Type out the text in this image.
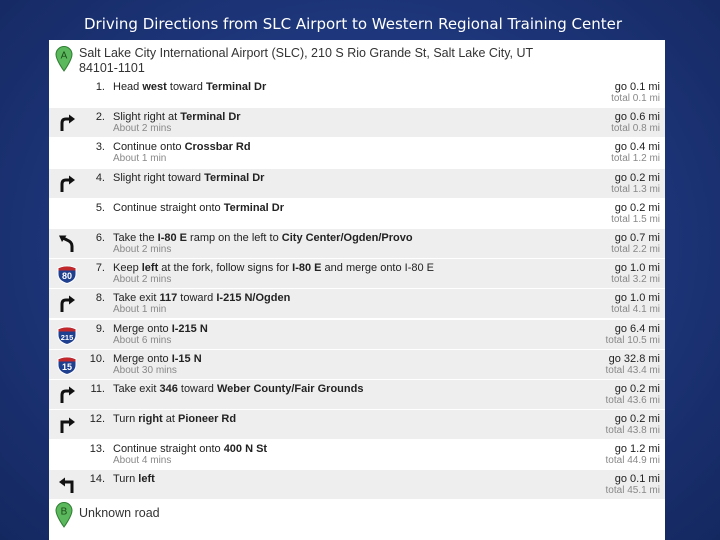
Driving Directions from SLC Airport to Western Regional Training Center
A Salt Lake City International Airport (SLC), 210 S Rio Grande St, Salt Lake City, UT 84101-1101
1. Head west toward Terminal Dr	go 0.1 mi
total 0.1 mi
2. Slight right at Terminal Dr
About 2 mins
go 0.6 mi
total 0.8 mi
3. Continue onto Crossbar Rd
About 1 min
go 0.4 mi
total 1.2 mi
4. Slight right toward Terminal Dr	go 0.2 mi
total 1.3 mi
5. Continue straight onto Terminal Dr	go 0.2 mi
total 1.5 mi
6. Take the I-80 E ramp on the left to City Center/Ogden/Provo
About 2 mins
go 0.7 mi
total 2.2 mi
80
7. Keep left at the fork, follow signs for I-80 E and merge onto I-80 E
About 2 mins
go 1.0 mi
total 3.2 mi
8. Take exit 117 toward I-215 N/Ogden
About 1 min
go 1.0 mi
total 4.1 mi
215
9. Merge onto I-215 N
About 6 mins
go 6.4 mi
total 10.5 mi
15
10. Merge onto I-15 N
About 30 mins
go 32.8 mi
total 43.4 mi
11. Take exit 346 toward Weber County/Fair Grounds	go 0.2 mi
total 43.6 mi
12. Turn right at Pioneer Rd	go 0.2 mi
total 43.8 mi
13. Continue straight onto 400 N St
About 4 mins
go 1.2 mi
total 44.9 mi
14. Turn left	go 0.1 mi
total 45.1 mi
B Unknown road
